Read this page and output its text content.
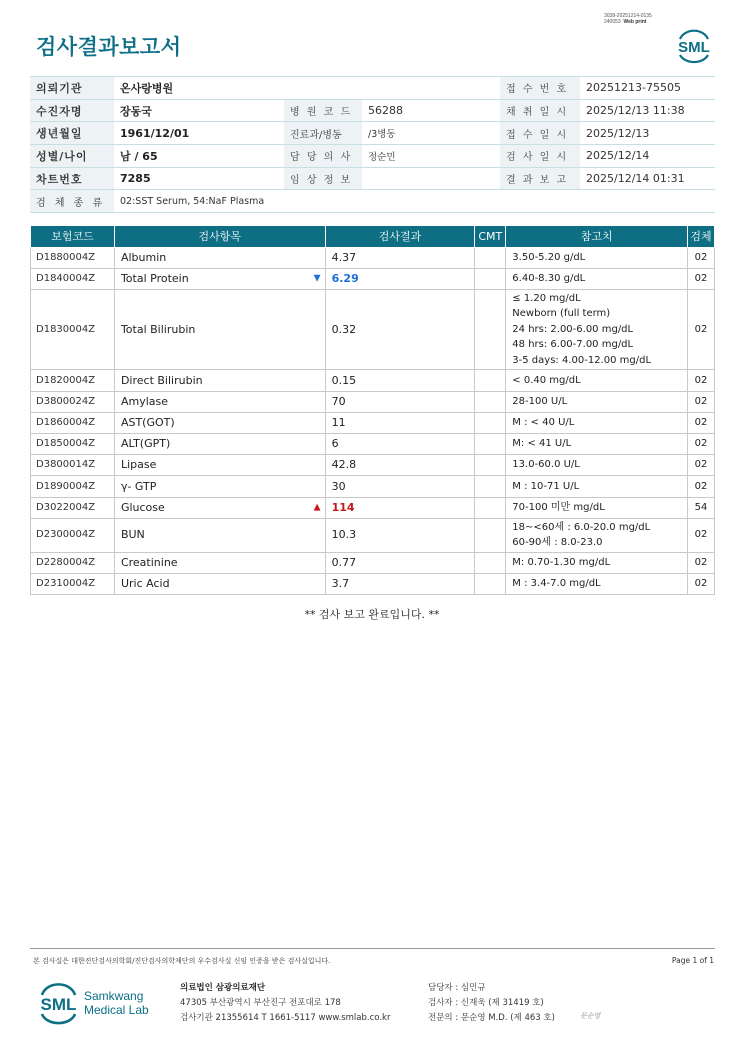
3038-20251214-0135
240053 Web print
검사결과보고서	SML
의뢰기관	온사랑병원			접 수 번 호	20251213-75505
수진자명	장동국	병 원 코 드	56288	채 취 일 시	2025/12/13 11:38
생년월일	1961/12/01	진료과/병동	/3병동	접 수 일 시	2025/12/13
성별/나이	남 / 65	담 당 의 사	정순민	검 사 일 시	2025/12/14
차트번호	7285	임 상 정 보		결 과 보 고	2025/12/14 01:31
검 체 종 류	02:SST Serum, 54:NaF Plasma				
보험코드	검사항목	검사결과	CMT	참고치	검체
D1880004Z	Albumin	4.37		3.50-5.20 g/dL	02
D1840004Z	Total Protein ▼	6.29		6.40-8.30 g/dL	02
D1830004Z	Total Bilirubin	0.32		≤ 1.20 mg/dL
Newborn (full term)
24 hrs: 2.00-6.00 mg/dL
48 hrs: 6.00-7.00 mg/dL
3-5 days: 4.00-12.00 mg/dL	02
D1820004Z	Direct Bilirubin	0.15		< 0.40 mg/dL	02
D3800024Z	Amylase	70		28-100 U/L	02
D1860004Z	AST(GOT)	11		M : < 40 U/L	02
D1850004Z	ALT(GPT)	6		M: < 41 U/L	02
D3800014Z	Lipase	42.8		13.0-60.0 U/L	02
D1890004Z	γ- GTP	30		M : 10-71 U/L	02
D3022004Z	Glucose ▲	114		70-100 미만 mg/dL	54
D2300004Z	BUN	10.3		18~<60세 : 6.0-20.0 mg/dL
60-90세 : 8.0-23.0	02
D2280004Z	Creatinine	0.77		M: 0.70-1.30 mg/dL	02
D2310004Z	Uric Acid	3.7		M : 3.4-7.0 mg/dL	02
** 검사 보고 완료입니다. **
본 검사실은 대한진단검사의학회/진단검사의학재단의 우수검사실 신임 인증을 받은 검사실입니다.	Page 1 of 1
SML Samkwang
Medical Lab
의료법인 삼광의료재단
47305 부산광역시 부산진구 전포대로 178
검사기관 21355614 T 1661-5117 www.smlab.co.kr
담당자 : 심민규
검사자 : 신재욱 (제 31419 호)
전문의 : 문순영 M.D. (제 463 호)	문순영
